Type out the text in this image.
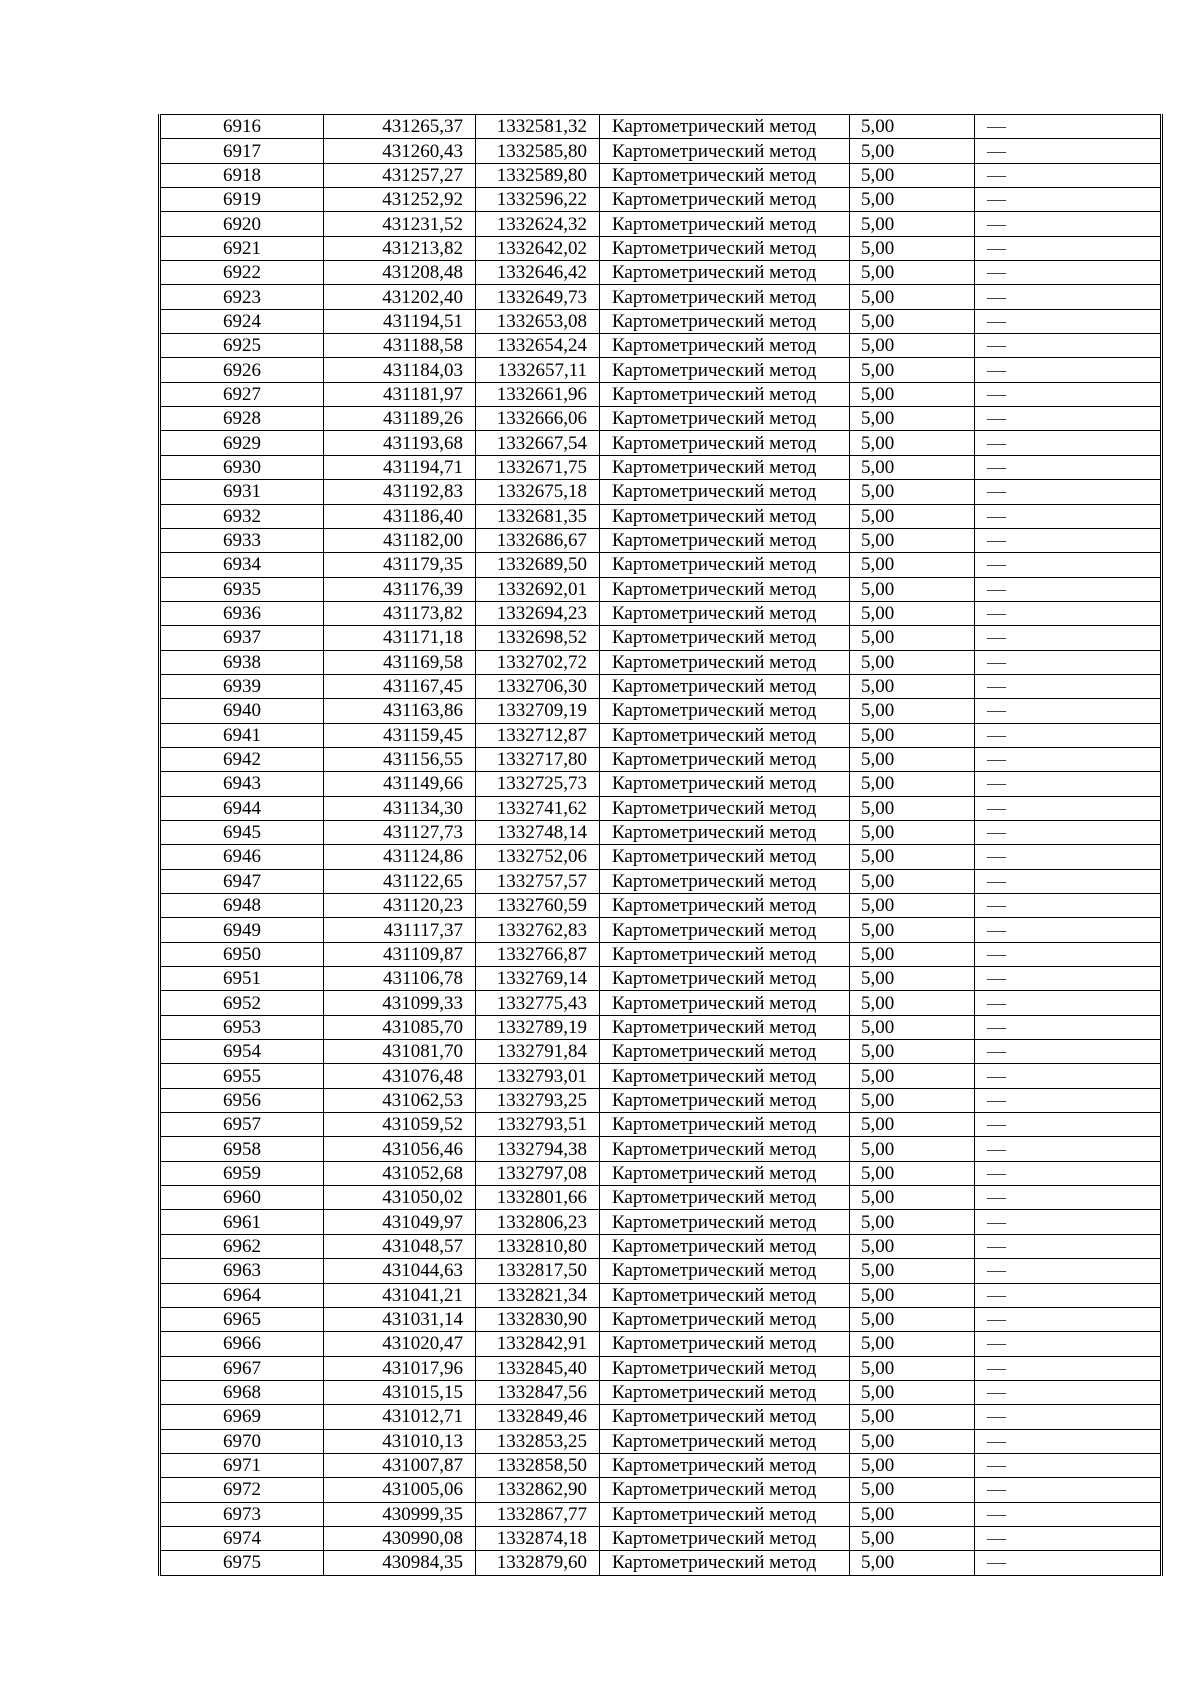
6916	431265,37	1332581,32	Картометрический метод	5,00	—
6917	431260,43	1332585,80	Картометрический метод	5,00	—
6918	431257,27	1332589,80	Картометрический метод	5,00	—
6919	431252,92	1332596,22	Картометрический метод	5,00	—
6920	431231,52	1332624,32	Картометрический метод	5,00	—
6921	431213,82	1332642,02	Картометрический метод	5,00	—
6922	431208,48	1332646,42	Картометрический метод	5,00	—
6923	431202,40	1332649,73	Картометрический метод	5,00	—
6924	431194,51	1332653,08	Картометрический метод	5,00	—
6925	431188,58	1332654,24	Картометрический метод	5,00	—
6926	431184,03	1332657,11	Картометрический метод	5,00	—
6927	431181,97	1332661,96	Картометрический метод	5,00	—
6928	431189,26	1332666,06	Картометрический метод	5,00	—
6929	431193,68	1332667,54	Картометрический метод	5,00	—
6930	431194,71	1332671,75	Картометрический метод	5,00	—
6931	431192,83	1332675,18	Картометрический метод	5,00	—
6932	431186,40	1332681,35	Картометрический метод	5,00	—
6933	431182,00	1332686,67	Картометрический метод	5,00	—
6934	431179,35	1332689,50	Картометрический метод	5,00	—
6935	431176,39	1332692,01	Картометрический метод	5,00	—
6936	431173,82	1332694,23	Картометрический метод	5,00	—
6937	431171,18	1332698,52	Картометрический метод	5,00	—
6938	431169,58	1332702,72	Картометрический метод	5,00	—
6939	431167,45	1332706,30	Картометрический метод	5,00	—
6940	431163,86	1332709,19	Картометрический метод	5,00	—
6941	431159,45	1332712,87	Картометрический метод	5,00	—
6942	431156,55	1332717,80	Картометрический метод	5,00	—
6943	431149,66	1332725,73	Картометрический метод	5,00	—
6944	431134,30	1332741,62	Картометрический метод	5,00	—
6945	431127,73	1332748,14	Картометрический метод	5,00	—
6946	431124,86	1332752,06	Картометрический метод	5,00	—
6947	431122,65	1332757,57	Картометрический метод	5,00	—
6948	431120,23	1332760,59	Картометрический метод	5,00	—
6949	431117,37	1332762,83	Картометрический метод	5,00	—
6950	431109,87	1332766,87	Картометрический метод	5,00	—
6951	431106,78	1332769,14	Картометрический метод	5,00	—
6952	431099,33	1332775,43	Картометрический метод	5,00	—
6953	431085,70	1332789,19	Картометрический метод	5,00	—
6954	431081,70	1332791,84	Картометрический метод	5,00	—
6955	431076,48	1332793,01	Картометрический метод	5,00	—
6956	431062,53	1332793,25	Картометрический метод	5,00	—
6957	431059,52	1332793,51	Картометрический метод	5,00	—
6958	431056,46	1332794,38	Картометрический метод	5,00	—
6959	431052,68	1332797,08	Картометрический метод	5,00	—
6960	431050,02	1332801,66	Картометрический метод	5,00	—
6961	431049,97	1332806,23	Картометрический метод	5,00	—
6962	431048,57	1332810,80	Картометрический метод	5,00	—
6963	431044,63	1332817,50	Картометрический метод	5,00	—
6964	431041,21	1332821,34	Картометрический метод	5,00	—
6965	431031,14	1332830,90	Картометрический метод	5,00	—
6966	431020,47	1332842,91	Картометрический метод	5,00	—
6967	431017,96	1332845,40	Картометрический метод	5,00	—
6968	431015,15	1332847,56	Картометрический метод	5,00	—
6969	431012,71	1332849,46	Картометрический метод	5,00	—
6970	431010,13	1332853,25	Картометрический метод	5,00	—
6971	431007,87	1332858,50	Картометрический метод	5,00	—
6972	431005,06	1332862,90	Картометрический метод	5,00	—
6973	430999,35	1332867,77	Картометрический метод	5,00	—
6974	430990,08	1332874,18	Картометрический метод	5,00	—
6975	430984,35	1332879,60	Картометрический метод	5,00	—
